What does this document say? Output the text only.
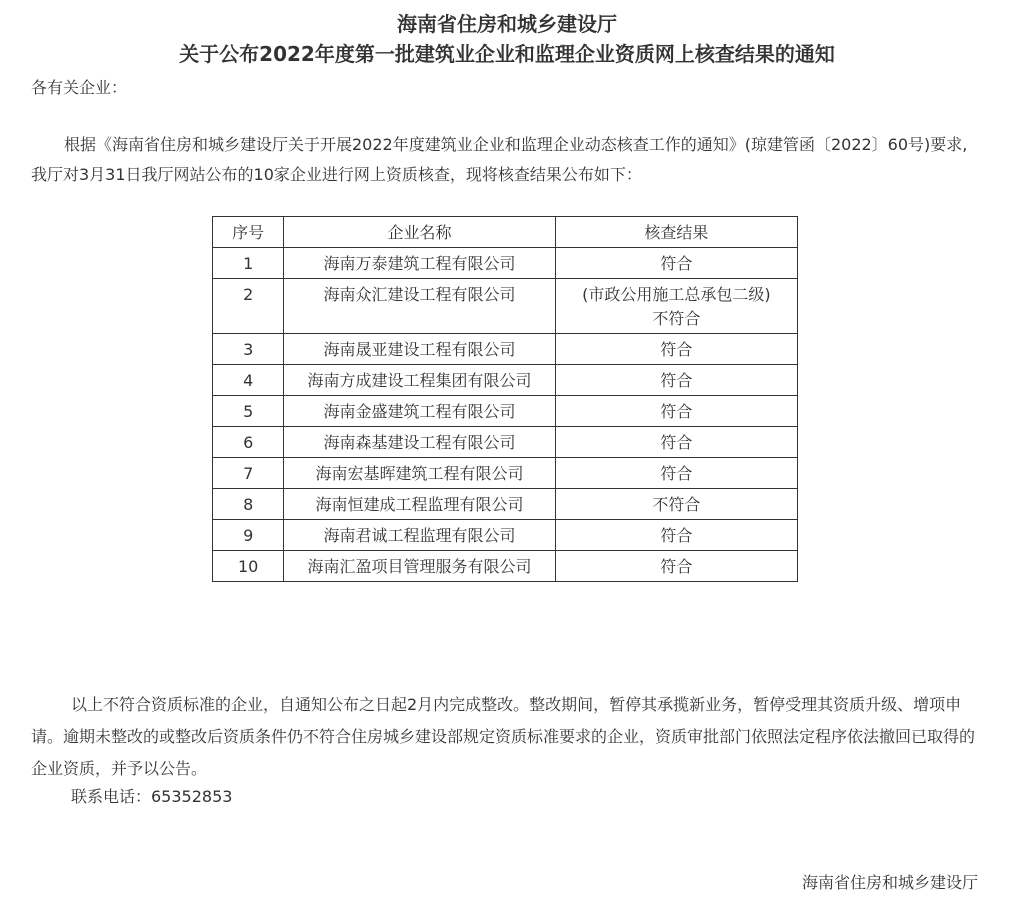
海南省住房和城乡建设厅
关于公布2022年度第一批建筑业企业和监理企业资质网上核查结果的通知
各有关企业：
根据《海南省住房和城乡建设厅关于开展2022年度建筑业企业和监理企业动态核查工作的通知》(琼建管函〔2022〕60号)要求,我厅对3月31日我厅网站公布的10家企业进行网上资质核查，现将核查结果公布如下：
序号	企业名称	核查结果
1	海南万泰建筑工程有限公司	符合
2	海南众汇建设工程有限公司	(市政公用施工总承包二级)
不符合

3	海南晟亚建设工程有限公司	符合
4	海南方成建设工程集团有限公司	符合
5	海南金盛建筑工程有限公司	符合
6	海南森基建设工程有限公司	符合
7	海南宏基晖建筑工程有限公司	符合
8	海南恒建成工程监理有限公司	不符合
9	海南君诚工程监理有限公司	符合
10	海南汇盈项目管理服务有限公司	符合
以上不符合资质标准的企业，自通知公布之日起2月内完成整改。整改期间，暂停其承揽新业务，暂停受理其资质升级、增项申请。逾期未整改的或整改后资质条件仍不符合住房城乡建设部规定资质标准要求的企业，资质审批部门依照法定程序依法撤回已取得的企业资质，并予以公告。
联系电话：65352853
海南省住房和城乡建设厅
